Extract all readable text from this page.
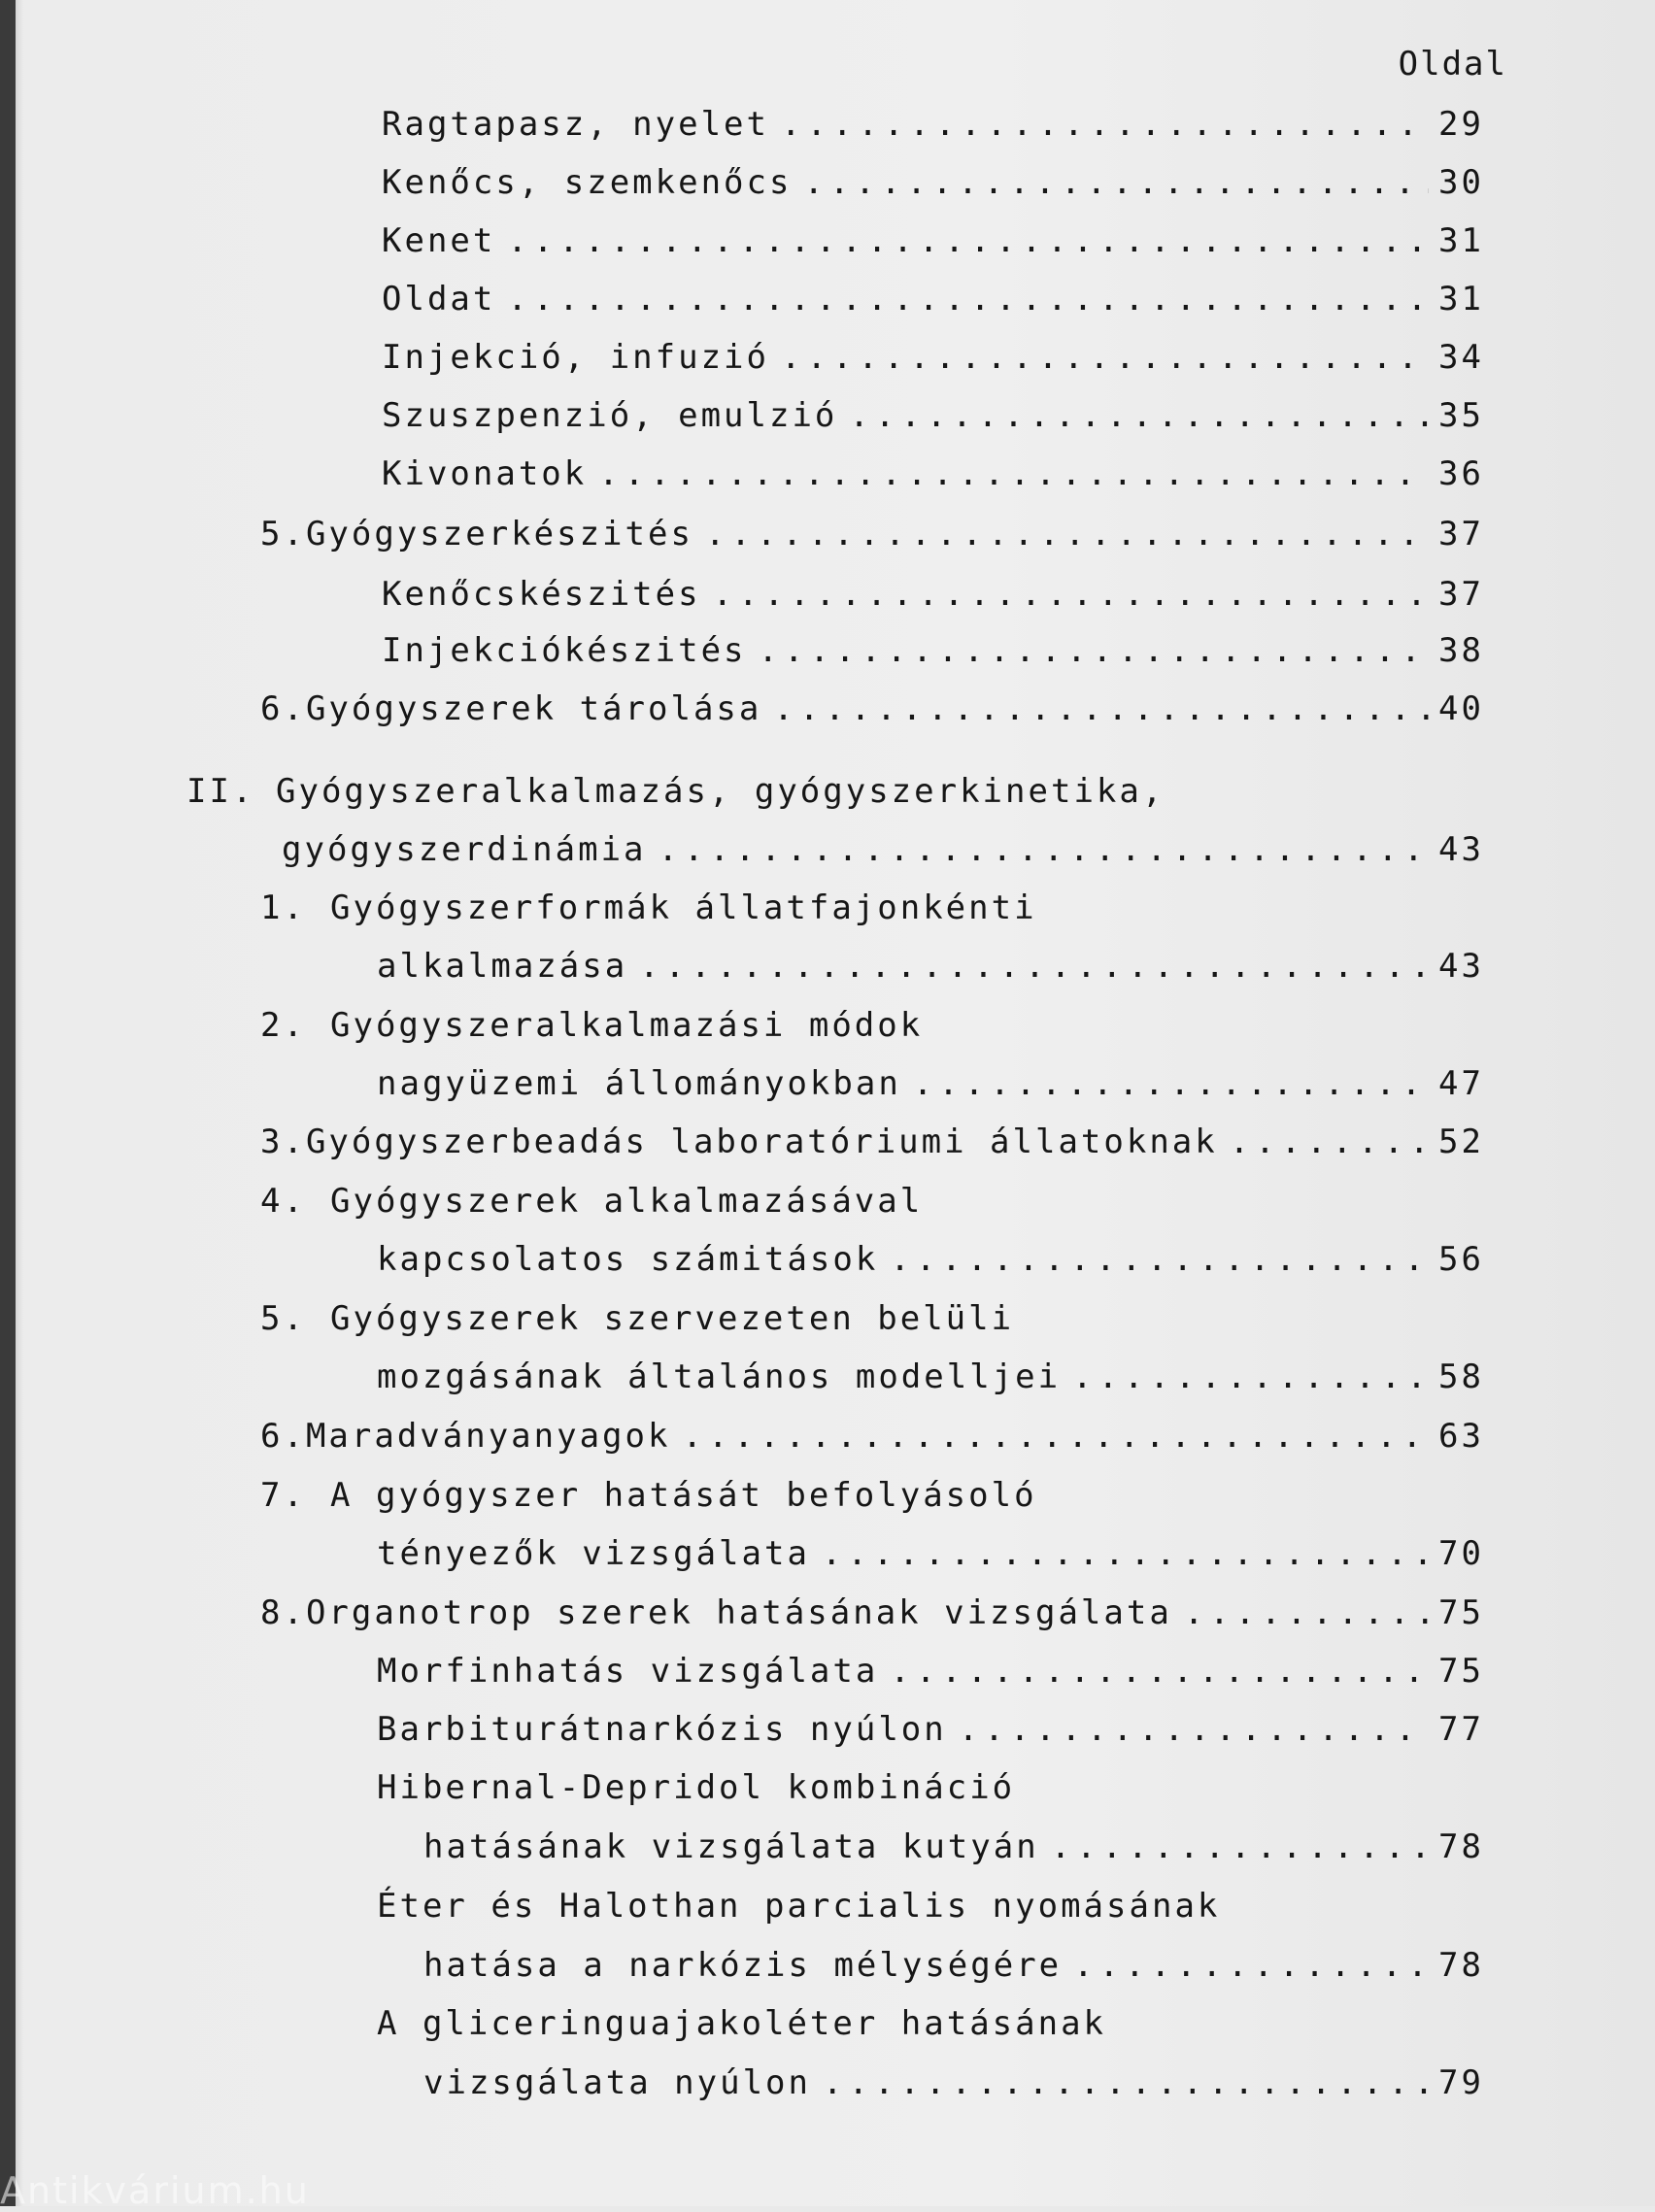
Oldal
Ragtapasz, nyelet .....	29
Kenőcs, szemkenőcs .....	30
Kenet .....	31
Oldat .....	31
Injekció, infuzió .....	34
Szuszpenzió, emulzió .....	35
Kivonatok .....	36
5. Gyógyszerkészités .....	37
Kenőcskészités .....	37
Injekciókészités .....	38
6. Gyógyszerek tárolása .....	40
II. Gyógyszeralkalmazás, gyógyszerkinetika,
gyógyszerdinámia .....	43
1. Gyógyszerformák állatfajonkénti
alkalmazása .....	43
2. Gyógyszeralkalmazási módok
nagyüzemi állományokban .....	47
3. Gyógyszerbeadás laboratóriumi állatoknak .....	52
4. Gyógyszerek alkalmazásával
kapcsolatos számitások .....	56
5. Gyógyszerek szervezeten belüli
mozgásának általános modelljei .....	58
6. Maradványanyagok .....	63
7. A gyógyszer hatását befolyásoló
tényezők vizsgálata .....	70
8. Organotrop szerek hatásának vizsgálata .....	75
Morfinhatás vizsgálata .....	75
Barbiturátnarkózis nyúlon .....	77
Hibernal-Depridol kombináció
hatásának vizsgálata kutyán .....	78
Éter és Halothan parcialis nyomásának
hatása a narkózis mélységére .....	78
A gliceringuajakoléter hatásának
vizsgálata nyúlon .....	79
Antikvárium.hu
